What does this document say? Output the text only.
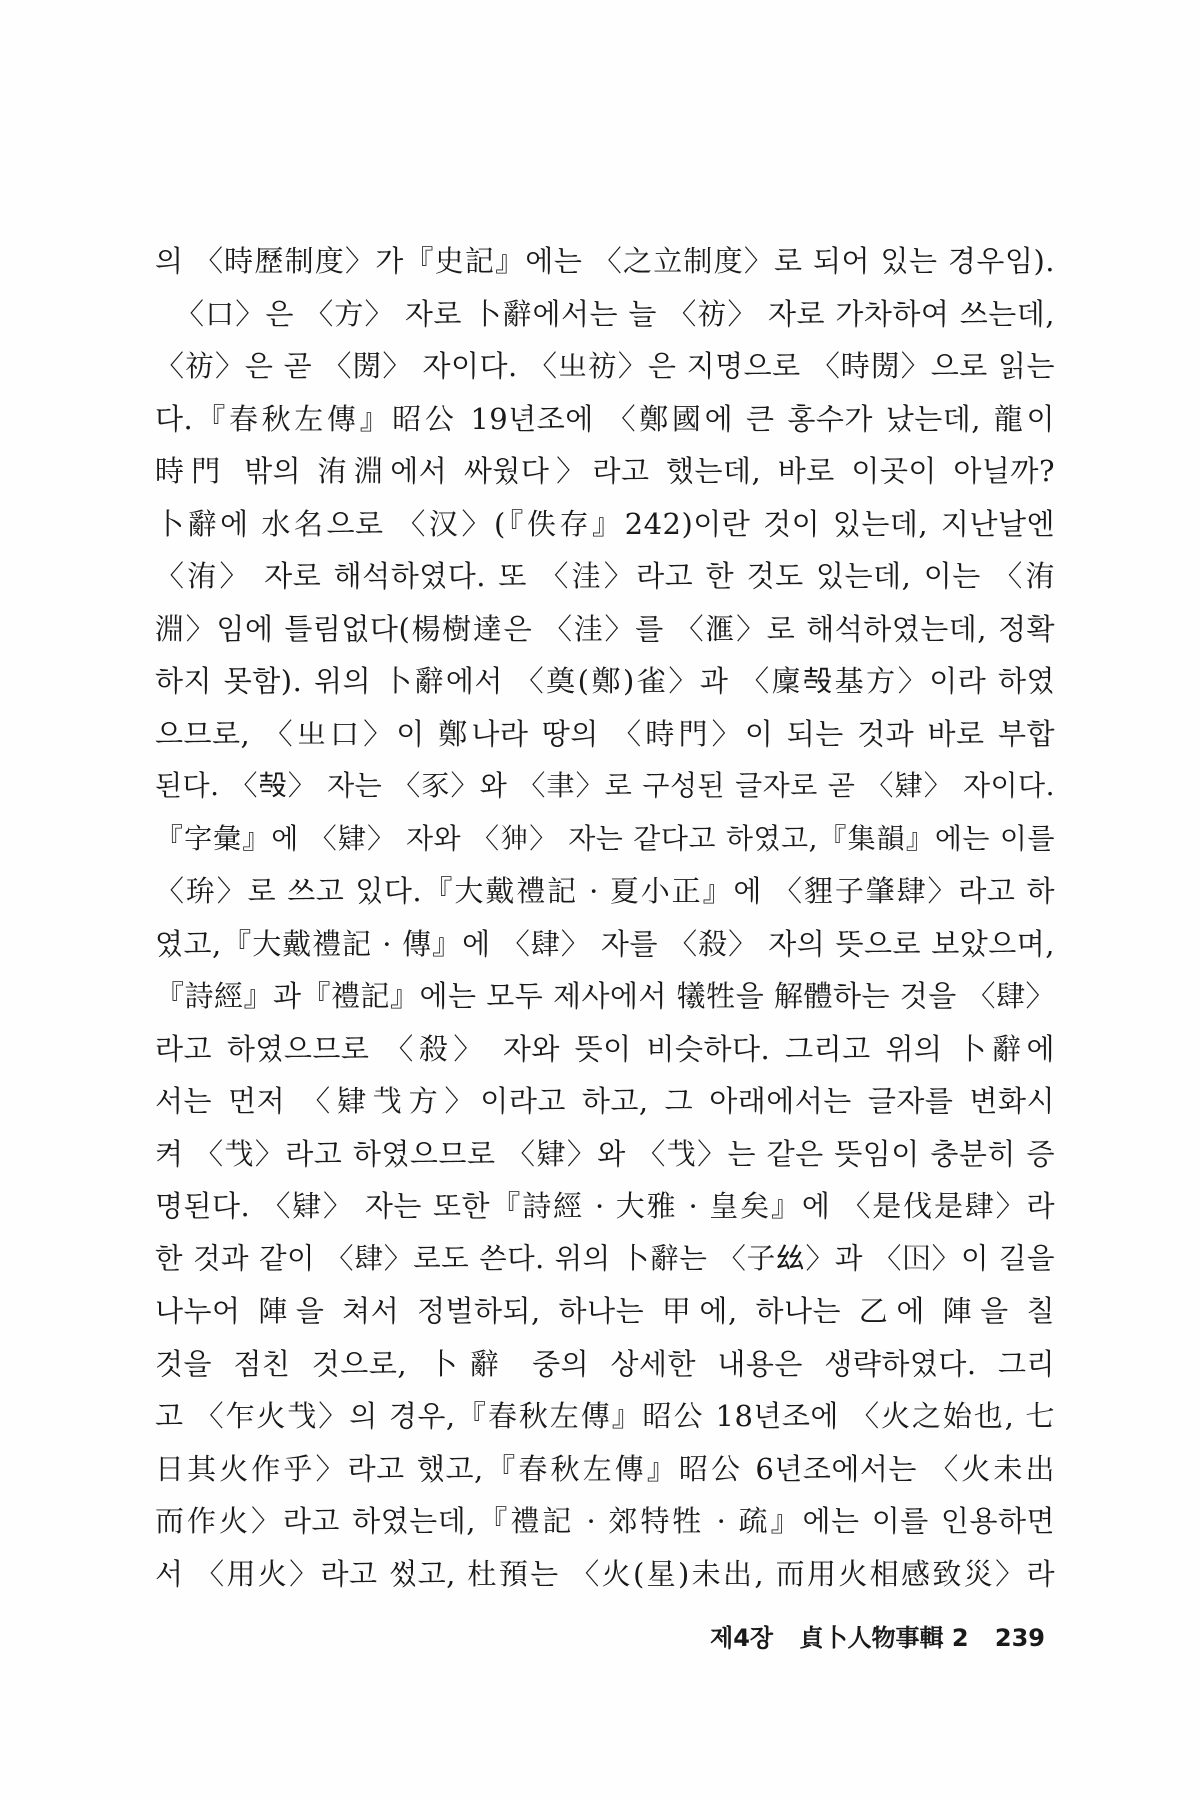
의 〈時歷制度〉가『史記』에는 〈之立制度〉로 되어 있는 경우임).
〈口〉은 〈方〉 자로 卜辭에서는 늘 〈祊〉 자로 가차하여 쓰는데,
〈祊〉은 곧 〈閍〉 자이다. 〈㞢祊〉은 지명으로 〈時閍〉으로 읽는
다.『春秋左傳』昭公 19년조에 〈鄭國에 큰 홍수가 났는데, 龍이
時門 밖의 洧淵에서 싸웠다〉라고 했는데, 바로 이곳이 아닐까?
卜辭에 水名으로 〈汉〉(『佚存』242)이란 것이 있는데, 지난날엔
〈洧〉 자로 해석하였다. 또 〈洼〉라고 한 것도 있는데, 이는 〈洧
淵〉임에 틀림없다(楊樹達은 〈洼〉를 〈滙〉로 해석하였는데, 정확
하지 못함). 위의 卜辭에서 〈奠(鄭)雀〉과 〈廩𣪊基方〉이라 하였
으므로, 〈㞢口〉이 鄭나라 땅의 〈時門〉이 되는 것과 바로 부합
된다. 〈𣪊〉 자는 〈豕〉와 〈聿〉로 구성된 글자로 곧 〈肄〉 자이다.
『字彙』에 〈肄〉 자와 〈𤝚〉 자는 같다고 하였고,『集韻』에는 이를
〈㺹〉로 쓰고 있다.『大戴禮記 · 夏小正』에 〈貍子肇肆〉라고 하
였고,『大戴禮記 · 傳』에 〈肆〉 자를 〈殺〉 자의 뜻으로 보았으며,
『詩經』과『禮記』에는 모두 제사에서 犧牲을 解體하는 것을 〈肆〉
라고 하였으므로 〈殺〉 자와 뜻이 비슷하다. 그리고 위의 卜辭에
서는 먼저 〈肄𢦏方〉이라고 하고, 그 아래에서는 글자를 변화시
켜 〈𢦏〉라고 하였으므로 〈肄〉와 〈𢦏〉는 같은 뜻임이 충분히 증
명된다. 〈肄〉 자는 또한『詩經 · 大雅 · 皇矣』에 〈是伐是肆〉라
한 것과 같이 〈肆〉로도 쓴다. 위의 卜辭는 〈子𢆶〉과 〈𡆥〉이 길을
나누어 陣을 쳐서 정벌하되, 하나는 甲에, 하나는 乙에 陣을 칠
것을 점친 것으로, 卜辭 중의 상세한 내용은 생략하였다. 그리
고 〈乍火𢦏〉의 경우,『春秋左傳』昭公 18년조에 〈火之始也, 七
日其火作乎〉라고 했고,『春秋左傳』昭公 6년조에서는 〈火未出
而作火〉라고 하였는데,『禮記 · 郊特牲 · 疏』에는 이를 인용하면
서 〈用火〉라고 썼고, 杜預는 〈火(星)未出, 而用火相感致災〉라
제4장 貞卜人物事輯 2 239
